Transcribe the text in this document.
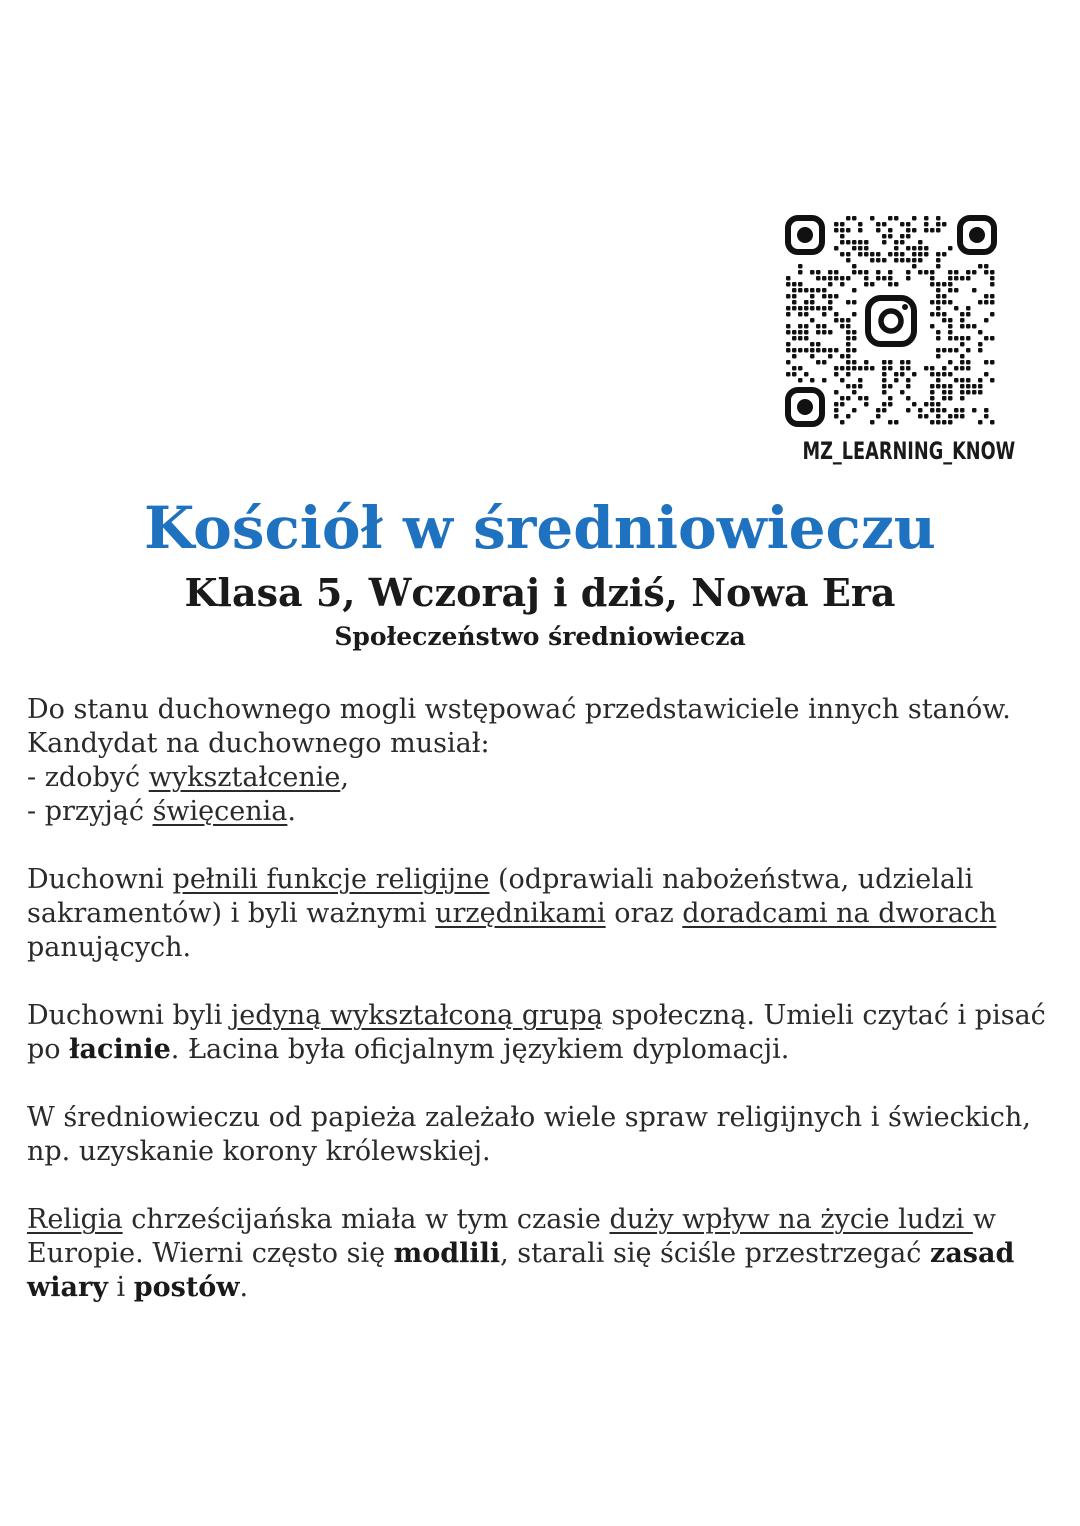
MZ_LEARNING_KNOW
Kościół w średniowieczu
Klasa 5, Wczoraj i dziś, Nowa Era
Społeczeństwo średniowiecza

Do stanu duchownego mogli wstępować przedstawiciele innych stanów.
Kandydat na duchownego musiał:
- zdobyć wykształcenie,
- przyjąć święcenia.

Duchowni pełnili funkcje religijne (odprawiali nabożeństwa, udzielali sakramentów) i byli ważnymi urzędnikami oraz doradcami na dworach panujących.

Duchowni byli jedyną wykształconą grupą społeczną. Umieli czytać i pisać po łacinie. Łacina była oficjalnym językiem dyplomacji.

W średniowieczu od papieża zależało wiele spraw religijnych i świeckich, np. uzyskanie korony królewskiej.

Religia chrześcijańska miała w tym czasie duży wpływ na życie ludzi w Europie. Wierni często się modlili, starali się ściśle przestrzegać zasad wiary i postów.
